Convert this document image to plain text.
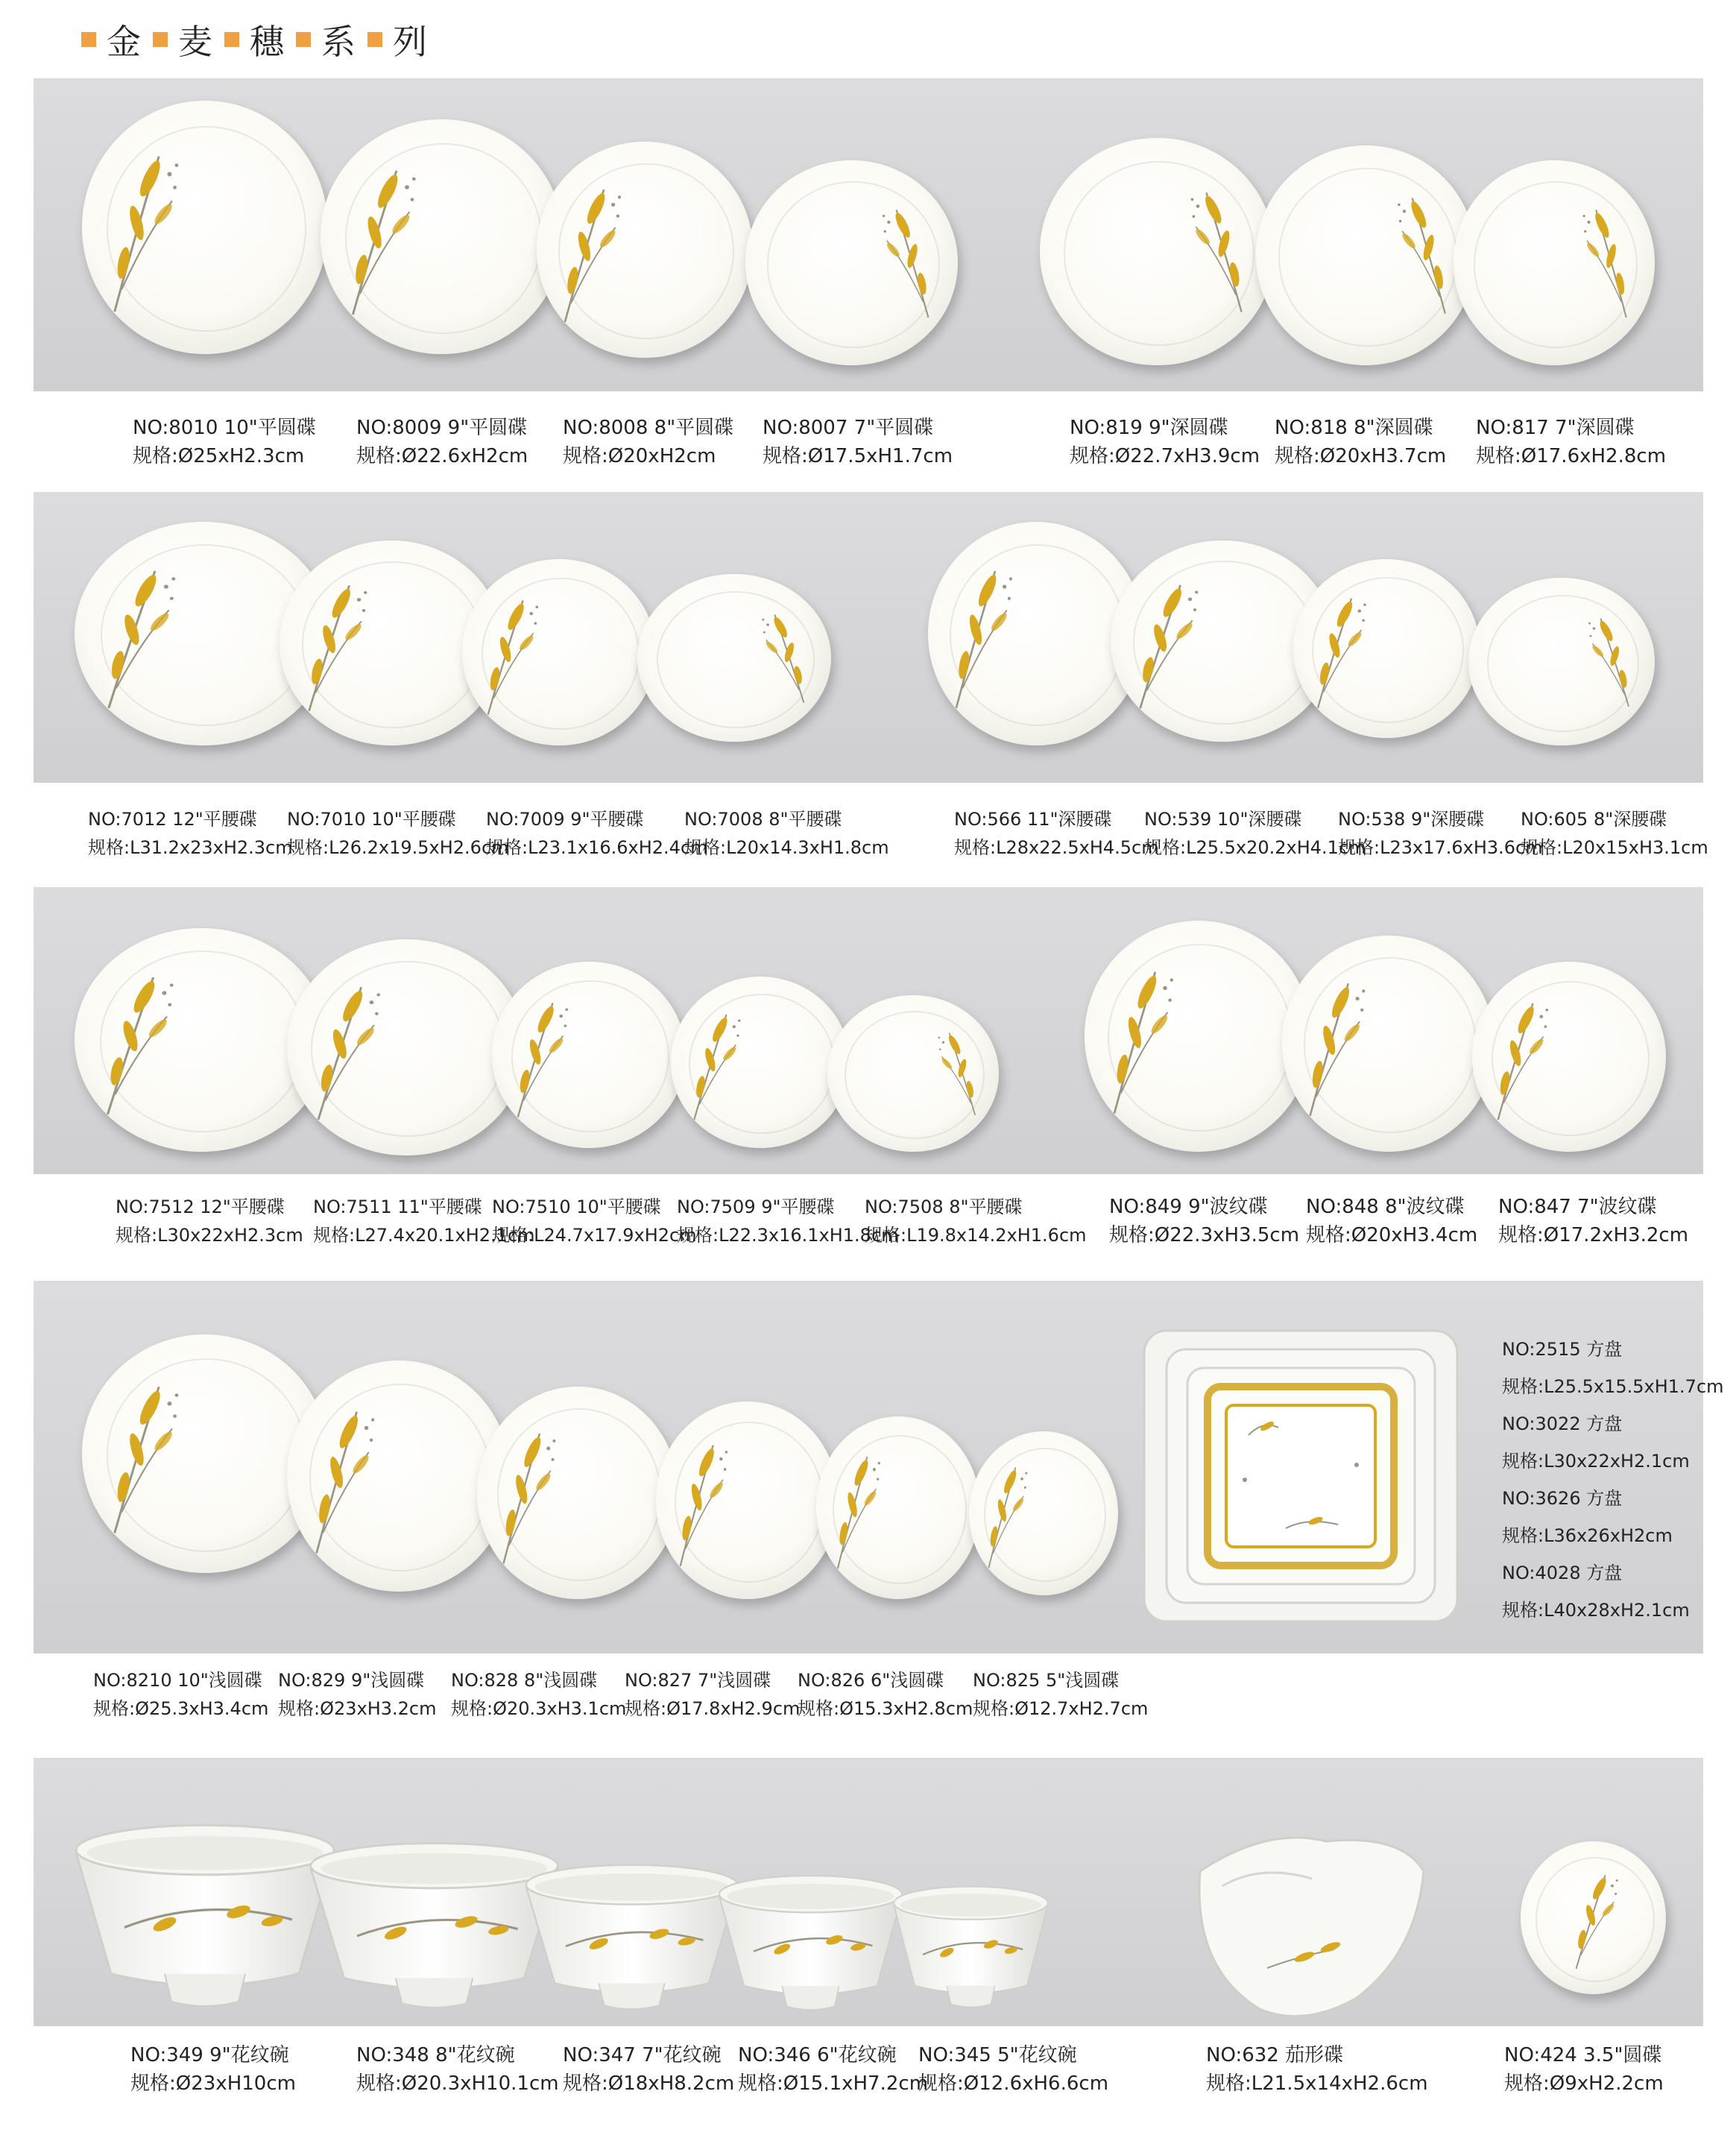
金 麦 穗 系 列
NO:8010 10"平圆碟
规格:Ø25xH2.3cm
NO:8009 9"平圆碟
规格:Ø22.6xH2cm
NO:8008 8"平圆碟
规格:Ø20xH2cm
NO:8007 7"平圆碟
规格:Ø17.5xH1.7cm
NO:819 9"深圆碟
规格:Ø22.7xH3.9cm
NO:818 8"深圆碟
规格:Ø20xH3.7cm
NO:817 7"深圆碟
规格:Ø17.6xH2.8cm
NO:7012 12"平腰碟
规格:L31.2x23xH2.3cm
NO:7010 10"平腰碟
规格:L26.2x19.5xH2.6cm
NO:7009 9"平腰碟
规格:L23.1x16.6xH2.4cm
NO:7008 8"平腰碟
规格:L20x14.3xH1.8cm
NO:566 11"深腰碟
规格:L28x22.5xH4.5cm
NO:539 10"深腰碟
规格:L25.5x20.2xH4.1cm
NO:538 9"深腰碟
规格:L23x17.6xH3.6cm
NO:605 8"深腰碟
规格:L20x15xH3.1cm
NO:7512 12"平腰碟
规格:L30x22xH2.3cm
NO:7511 11"平腰碟
规格:L27.4x20.1xH2.1cm
NO:7510 10"平腰碟
规格:L24.7x17.9xH2cm
NO:7509 9"平腰碟
规格:L22.3x16.1xH1.8cm
NO:7508 8"平腰碟
规格:L19.8x14.2xH1.6cm
NO:849 9"波纹碟
规格:Ø22.3xH3.5cm
NO:848 8"波纹碟
规格:Ø20xH3.4cm
NO:847 7"波纹碟
规格:Ø17.2xH3.2cm
NO:8210 10"浅圆碟
规格:Ø25.3xH3.4cm
NO:829 9"浅圆碟
规格:Ø23xH3.2cm
NO:828 8"浅圆碟
规格:Ø20.3xH3.1cm
NO:827 7"浅圆碟
规格:Ø17.8xH2.9cm
NO:826 6"浅圆碟
规格:Ø15.3xH2.8cm
NO:825 5"浅圆碟
规格:Ø12.7xH2.7cm
NO:2515 方盘
规格:L25.5x15.5xH1.7cm
NO:3022 方盘
规格:L30x22xH2.1cm
NO:3626 方盘
规格:L36x26xH2cm
NO:4028 方盘
规格:L40x28xH2.1cm
NO:349 9"花纹碗
规格:Ø23xH10cm
NO:348 8"花纹碗
规格:Ø20.3xH10.1cm
NO:347 7"花纹碗
规格:Ø18xH8.2cm
NO:346 6"花纹碗
规格:Ø15.1xH7.2cm
NO:345 5"花纹碗
规格:Ø12.6xH6.6cm
NO:632 茄形碟
规格:L21.5x14xH2.6cm
NO:424 3.5"圆碟
规格:Ø9xH2.2cm
